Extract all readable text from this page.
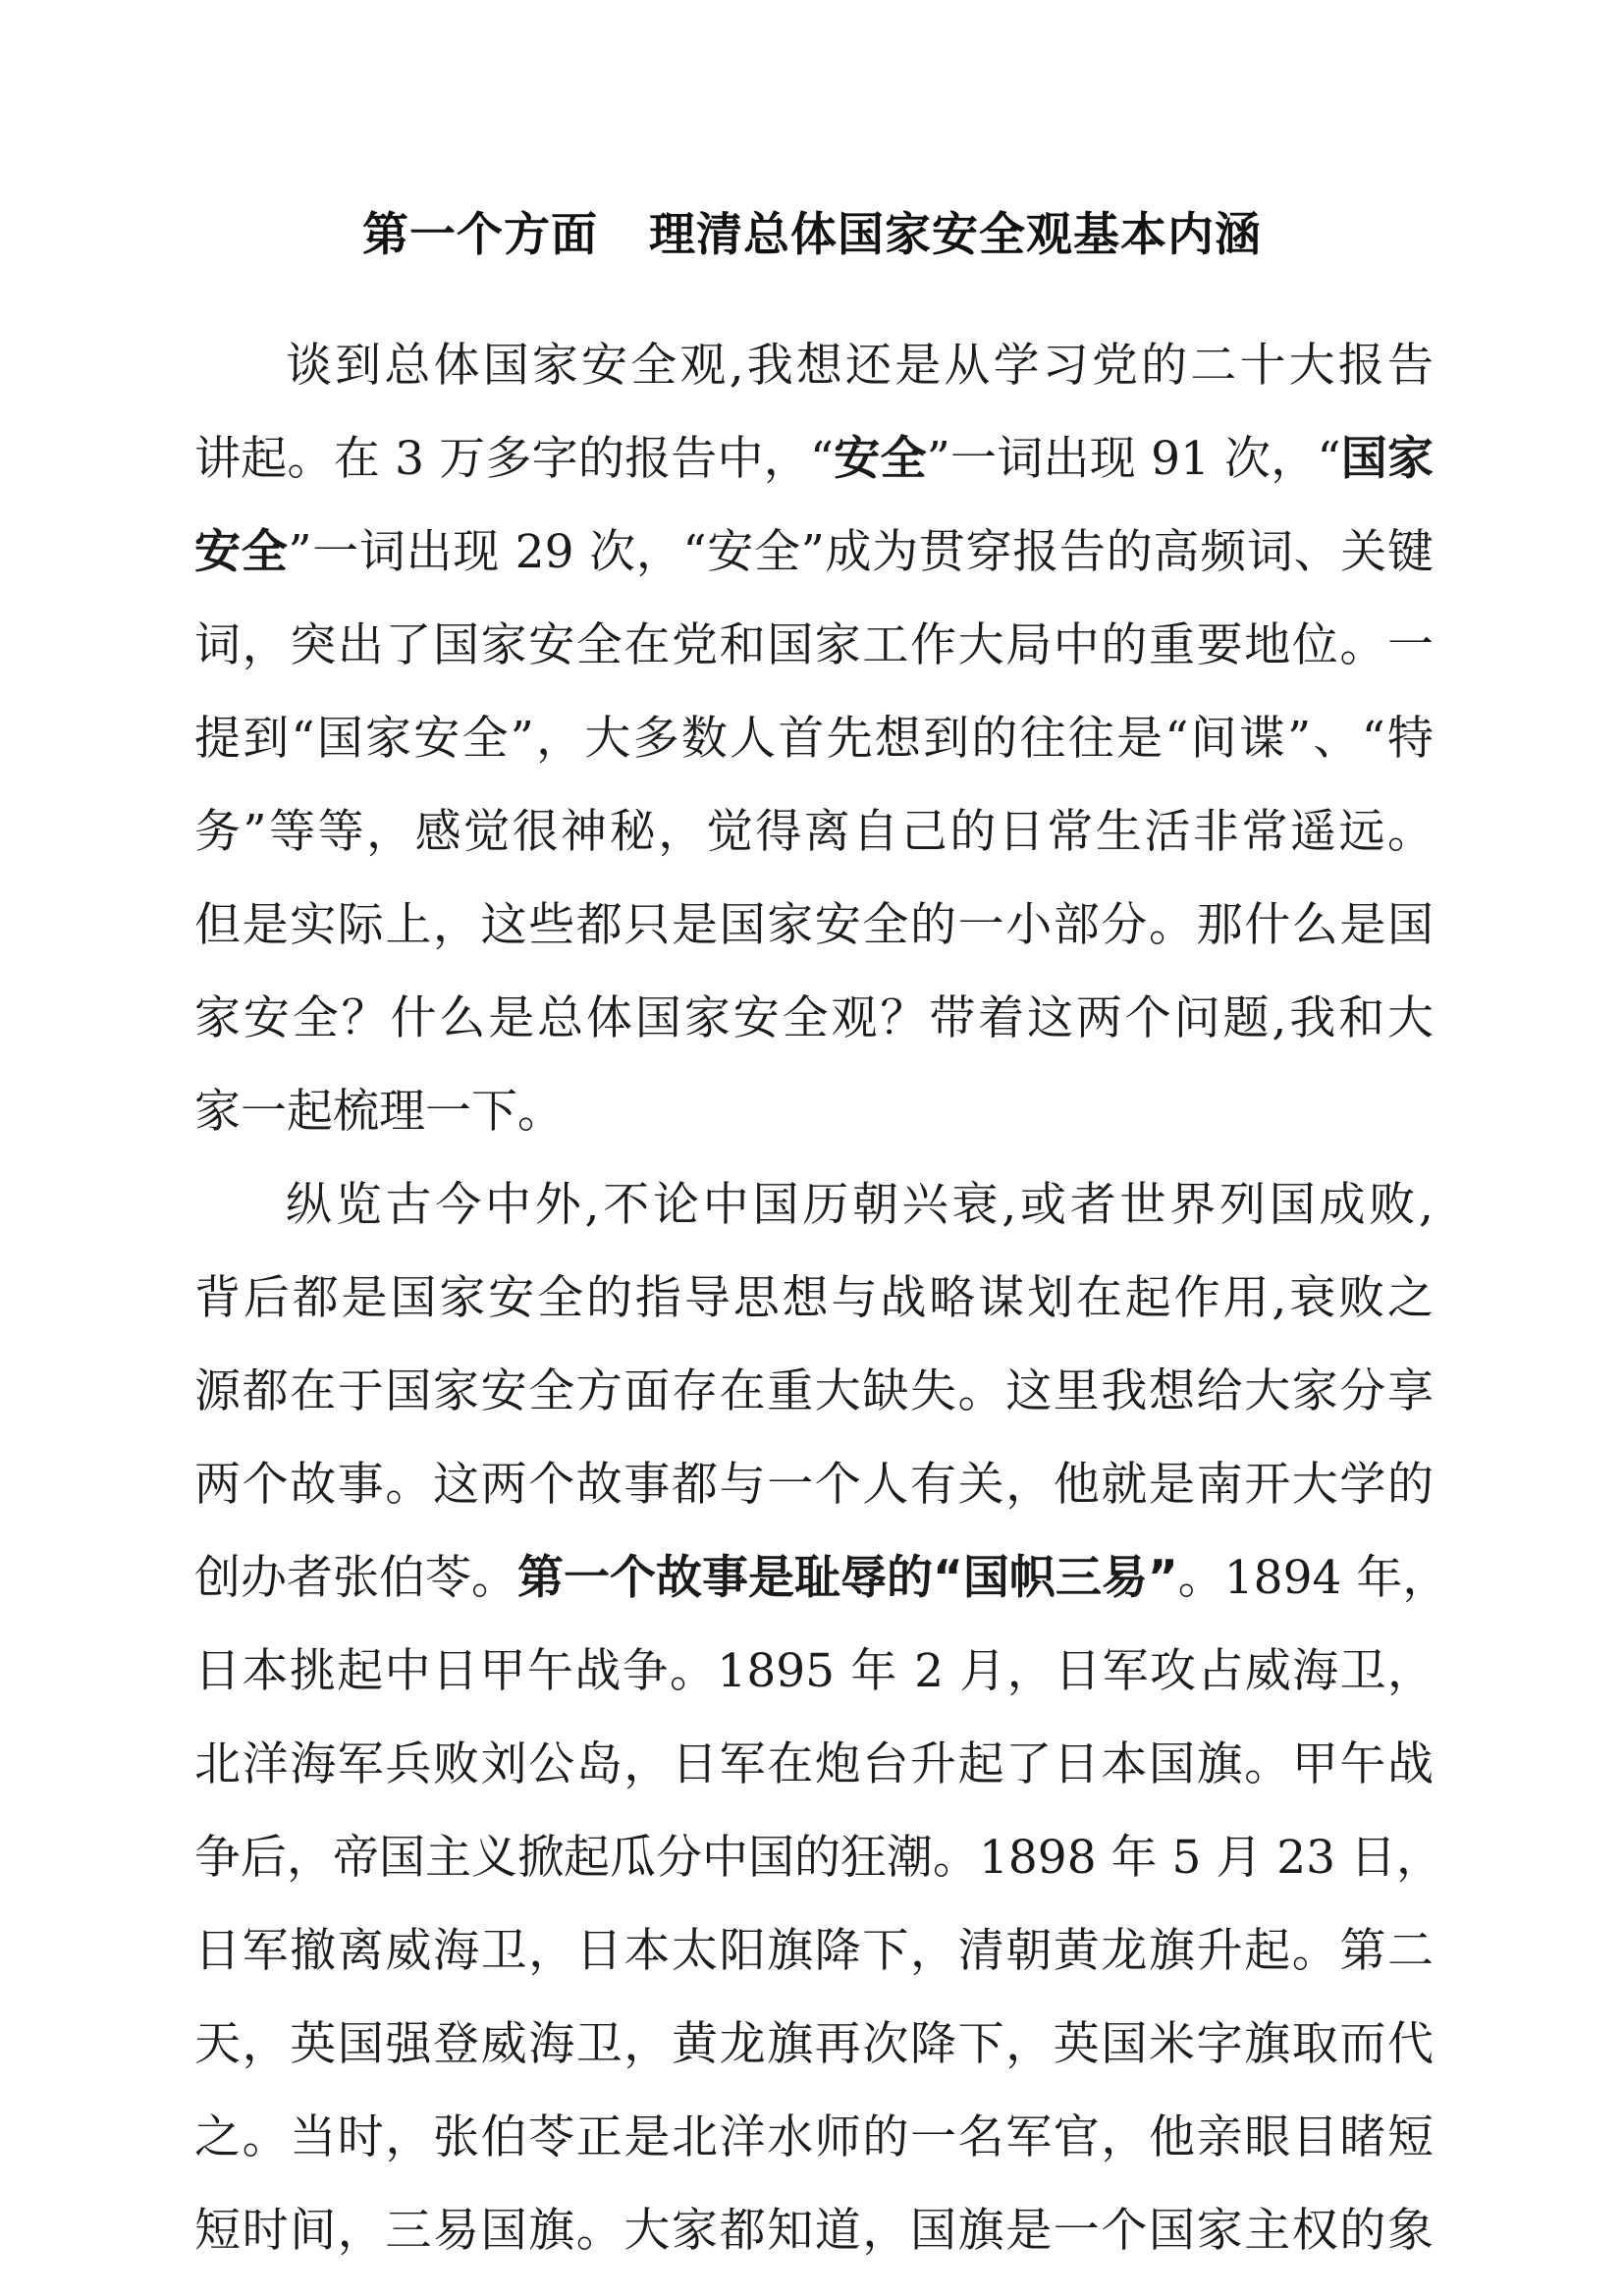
第一个方面 理清总体国家安全观基本内涵
谈到总体国家安全观,我想还是从学习党的二十大报告
讲起。在 3 万多字的报告中，“安全”一词出现 91 次，“国家
安全”一词出现 29 次，“安全”成为贯穿报告的高频词、关键
词，突出了国家安全在党和国家工作大局中的重要地位。一
提到“国家安全”，大多数人首先想到的往往是“间谍”、“特
务”等等，感觉很神秘，觉得离自己的日常生活非常遥远。
但是实际上，这些都只是国家安全的一小部分。那什么是国
家安全？什么是总体国家安全观？带着这两个问题,我和大
家一起梳理一下。
纵览古今中外,不论中国历朝兴衰,或者世界列国成败,
背后都是国家安全的指导思想与战略谋划在起作用,衰败之
源都在于国家安全方面存在重大缺失。这里我想给大家分享
两个故事。这两个故事都与一个人有关，他就是南开大学的
创办者张伯苓。第一个故事是耻辱的“国帜三易”。1894 年，
日本挑起中日甲午战争。1895 年 2 月，日军攻占威海卫，
北洋海军兵败刘公岛，日军在炮台升起了日本国旗。甲午战
争后，帝国主义掀起瓜分中国的狂潮。1898 年 5 月 23 日，
日军撤离威海卫，日本太阳旗降下，清朝黄龙旗升起。第二
天，英国强登威海卫，黄龙旗再次降下，英国米字旗取而代
之。当时，张伯苓正是北洋水师的一名军官，他亲眼目睹短
短时间，三易国旗。大家都知道，国旗是一个国家主权的象
